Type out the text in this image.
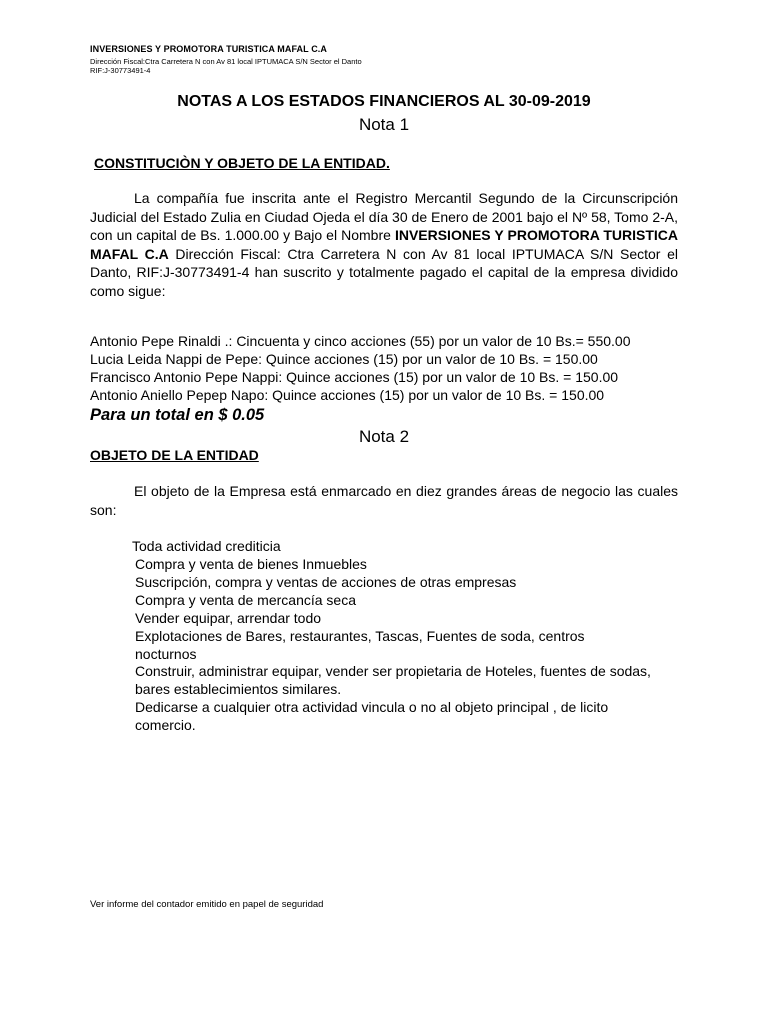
INVERSIONES Y PROMOTORA TURISTICA MAFAL C.A
Dirección Fiscal:Ctra Carretera N con Av 81 local IPTUMACA S/N Sector el Danto
RIF:J-30773491-4
NOTAS A LOS ESTADOS FINANCIEROS AL 30-09-2019
Nota 1
CONSTITUCIÒN Y OBJETO DE LA ENTIDAD.
La compañía fue inscrita ante el Registro Mercantil Segundo de la Circunscripción Judicial del Estado Zulia en Ciudad Ojeda el día 30 de Enero de 2001 bajo el Nº 58, Tomo 2-A, con un capital de Bs. 1.000.00 y Bajo el Nombre INVERSIONES Y PROMOTORA TURISTICA MAFAL C.A Dirección Fiscal: Ctra Carretera N con Av 81 local IPTUMACA S/N Sector el Danto, RIF:J-30773491-4 han suscrito y totalmente pagado el capital de la empresa dividido como sigue:
Antonio Pepe Rinaldi .: Cincuenta y cinco acciones (55) por un valor de 10 Bs.= 550.00
Lucia Leida Nappi de Pepe: Quince acciones (15) por un valor de 10 Bs. = 150.00
Francisco Antonio Pepe Nappi: Quince acciones (15) por un valor de 10 Bs. = 150.00
Antonio Aniello Pepep Napo: Quince acciones (15) por un valor de 10 Bs. = 150.00
Para un total en $ 0.05
Nota 2
OBJETO DE LA ENTIDAD
El objeto de la Empresa está enmarcado en diez grandes áreas de negocio las cuales son:
Toda actividad crediticia
Compra y venta de bienes Inmuebles
Suscripción, compra y ventas de acciones de otras empresas
Compra y venta de mercancía seca
Vender equipar, arrendar todo
Explotaciones de Bares, restaurantes, Tascas, Fuentes de soda, centros nocturnos
Construir, administrar equipar, vender ser propietaria de Hoteles, fuentes de sodas, bares establecimientos similares.
Dedicarse a cualquier otra actividad vincula o no al objeto principal , de licito comercio.
Ver informe del contador emitido en papel de seguridad
